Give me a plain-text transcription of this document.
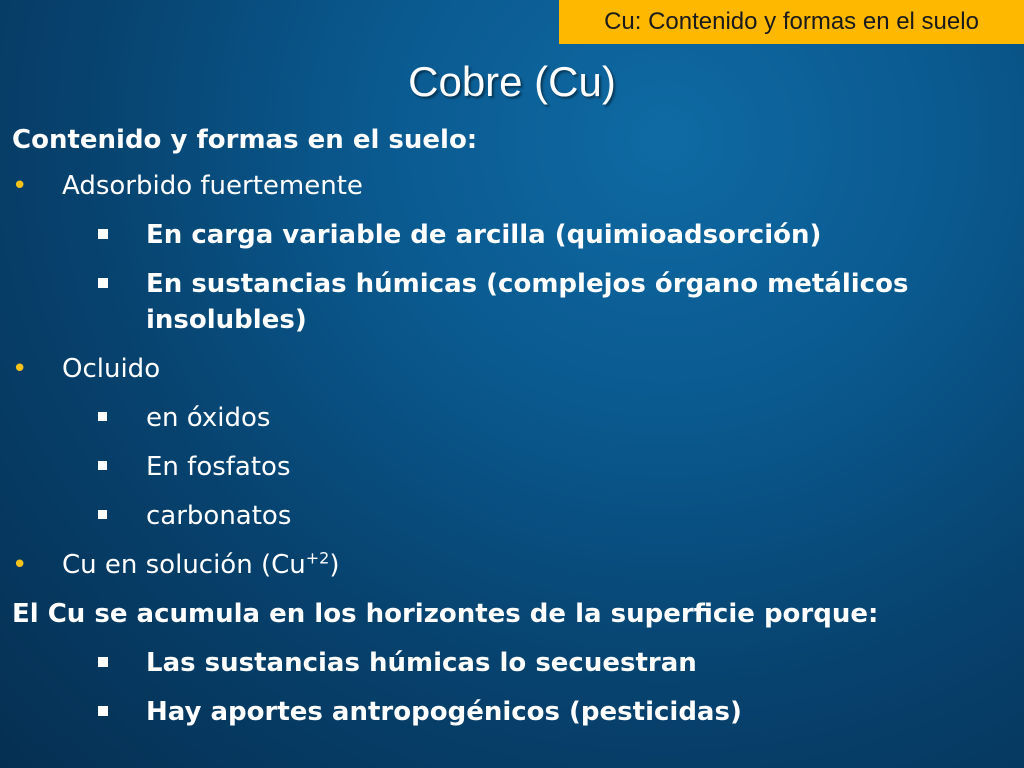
Cu: Contenido y formas en el suelo
Cobre (Cu)
Contenido y formas en el suelo:
• Adsorbido fuertemente
En carga variable de arcilla (quimioadsorción)
En sustancias húmicas (complejos órgano metálicos
insolubles)
• Ocluido
en óxidos
En fosfatos
carbonatos
• Cu en solución $(Cu^{+2})$
El Cu se acumula en los horizontes de la superficie porque:
Las sustancias húmicas lo secuestran
Hay aportes antropogénicos (pesticidas)
